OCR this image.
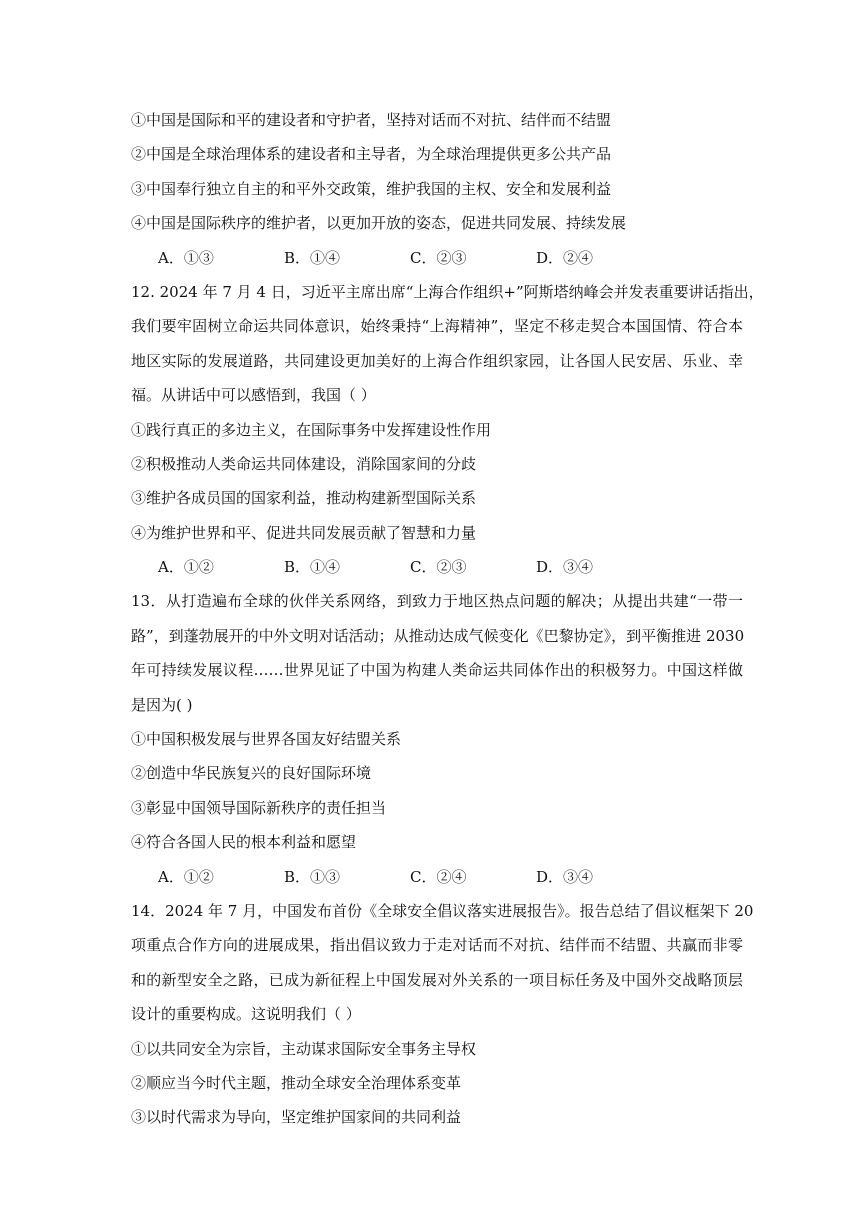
①中国是国际和平的建设者和守护者，坚持对话而不对抗、结伴而不结盟
②中国是全球治理体系的建设者和主导者，为全球治理提供更多公共产品
③中国奉行独立自主的和平外交政策，维护我国的主权、安全和发展利益
④中国是国际秩序的维护者，以更加开放的姿态，促进共同发展、持续发展
A．①③	B．①④	C．②③	D．②④
12. 2024 年 7 月 4 日，习近平主席出席“上海合作组织+”阿斯塔纳峰会并发表重要讲话指出，
我们要牢固树立命运共同体意识，始终秉持“上海精神”，坚定不移走契合本国国情、符合本
地区实际的发展道路，共同建设更加美好的上海合作组织家园，让各国人民安居、乐业、幸
福。从讲话中可以感悟到，我国（ ）
①践行真正的多边主义，在国际事务中发挥建设性作用
②积极推动人类命运共同体建设，消除国家间的分歧
③维护各成员国的国家利益，推动构建新型国际关系
④为维护世界和平、促进共同发展贡献了智慧和力量
A．①②	B．①④	C．②③	D．③④
13．从打造遍布全球的伙伴关系网络，到致力于地区热点问题的解决；从提出共建“一带一
路”，到蓬勃展开的中外文明对话活动；从推动达成气候变化《巴黎协定》，到平衡推进 2030
年可持续发展议程……世界见证了中国为构建人类命运共同体作出的积极努力。中国这样做
是因为( )
①中国积极发展与世界各国友好结盟关系
②创造中华民族复兴的良好国际环境
③彰显中国领导国际新秩序的责任担当
④符合各国人民的根本利益和愿望
A．①②	B．①③	C．②④	D．③④
14．2024 年 7 月，中国发布首份《全球安全倡议落实进展报告》。报告总结了倡议框架下 20
项重点合作方向的进展成果，指出倡议致力于走对话而不对抗、结伴而不结盟、共赢而非零
和的新型安全之路，已成为新征程上中国发展对外关系的一项目标任务及中国外交战略顶层
设计的重要构成。这说明我们（ ）
①以共同安全为宗旨，主动谋求国际安全事务主导权
②顺应当今时代主题，推动全球安全治理体系变革
③以时代需求为导向，坚定维护国家间的共同利益
